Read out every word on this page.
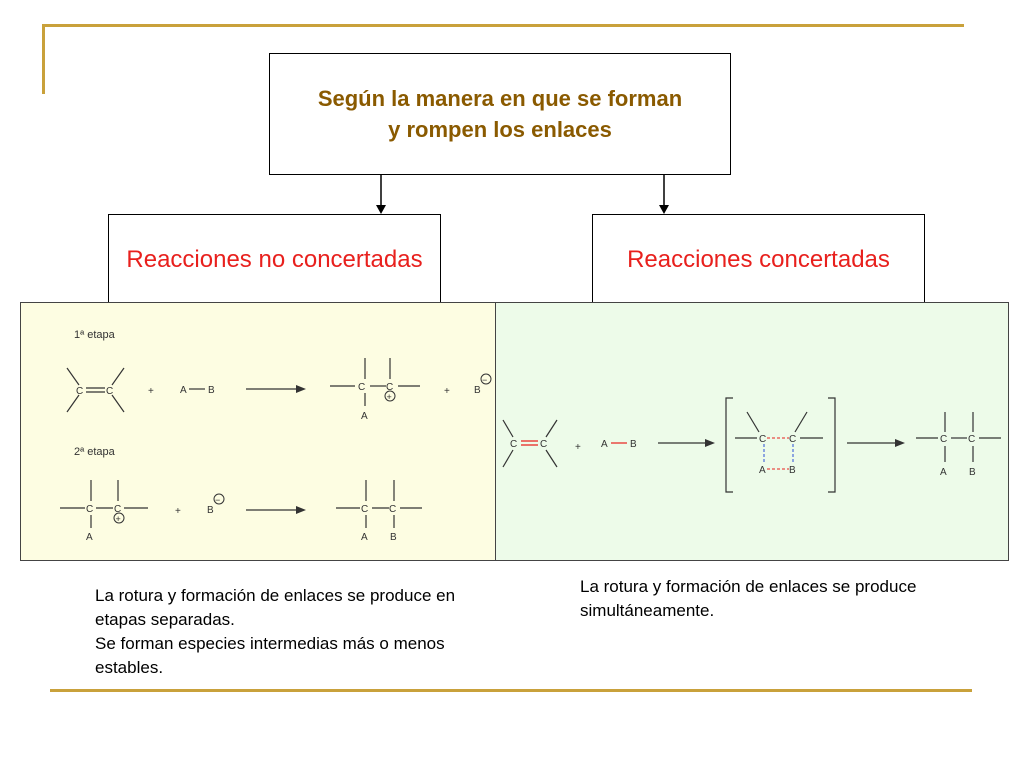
Según la manera en que se forman
y rompen los enlaces
Reacciones no concertadas	Reacciones concertadas
1ª etapa
C C	+	A B	C C
+
A
+ B
−
2ª etapa
C C
+
A
+	B
−
C C
A B
C C	+ A B	C C
A B
C C
A B
La rotura y formación de enlaces se produce en etapas separadas.
Se forman especies intermedias más o menos estables.
La rotura y formación de enlaces se produce simultáneamente.
